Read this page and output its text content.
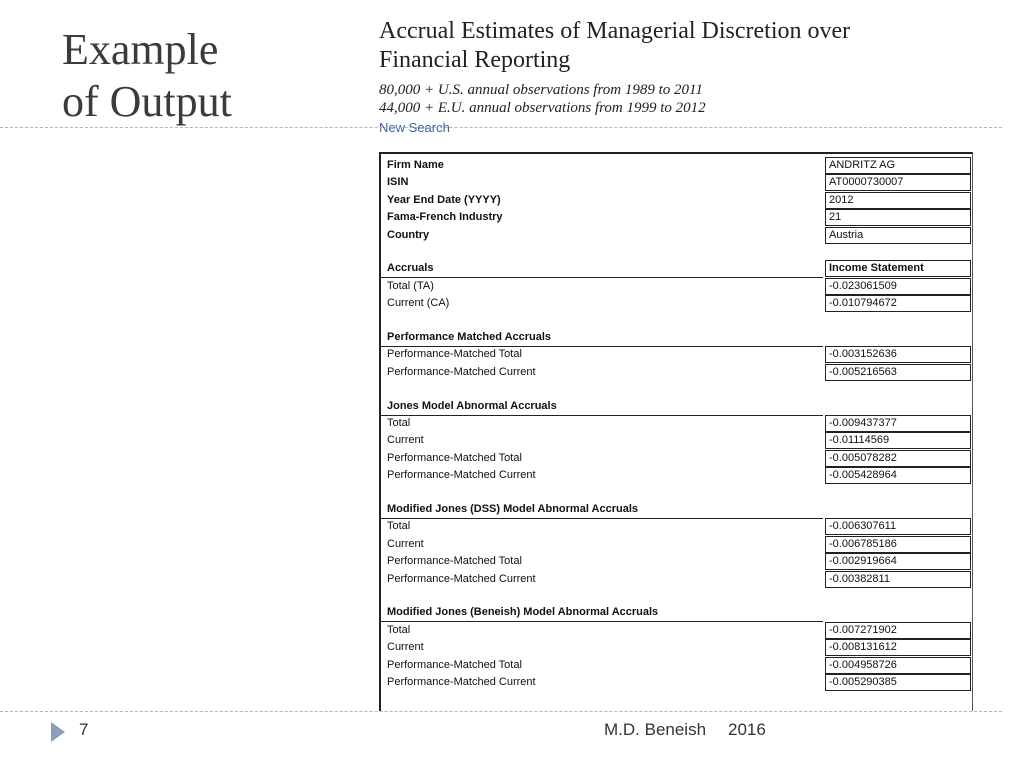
Example
of Output
Accrual Estimates of Managerial Discretion over
Financial Reporting
80,000 + U.S. annual observations from 1989 to 2011
44,000 + E.U. annual observations from 1999 to 2012
New Search
Firm Name	ANDRITZ AG
ISIN	AT0000730007
Year End Date (YYYY)	2012
Fama-French Industry	21
Country	Austria
Accruals	Income Statement
Total (TA)	-0.023061509
Current (CA)	-0.010794672
Performance Matched Accruals
Performance-Matched Total	-0.003152636
Performance-Matched Current	-0.005216563
Jones Model Abnormal Accruals
Total	-0.009437377
Current	-0.01114569
Performance-Matched Total	-0.005078282
Performance-Matched Current	-0.005428964
Modified Jones (DSS) Model Abnormal Accruals
Total	-0.006307611
Current	-0.006785186
Performance-Matched Total	-0.002919664
Performance-Matched Current	-0.00382811
Modified Jones (Beneish) Model Abnormal Accruals
Total	-0.007271902
Current	-0.008131612
Performance-Matched Total	-0.004958726
Performance-Matched Current	-0.005290385
7	M.D. Beneish 2016
